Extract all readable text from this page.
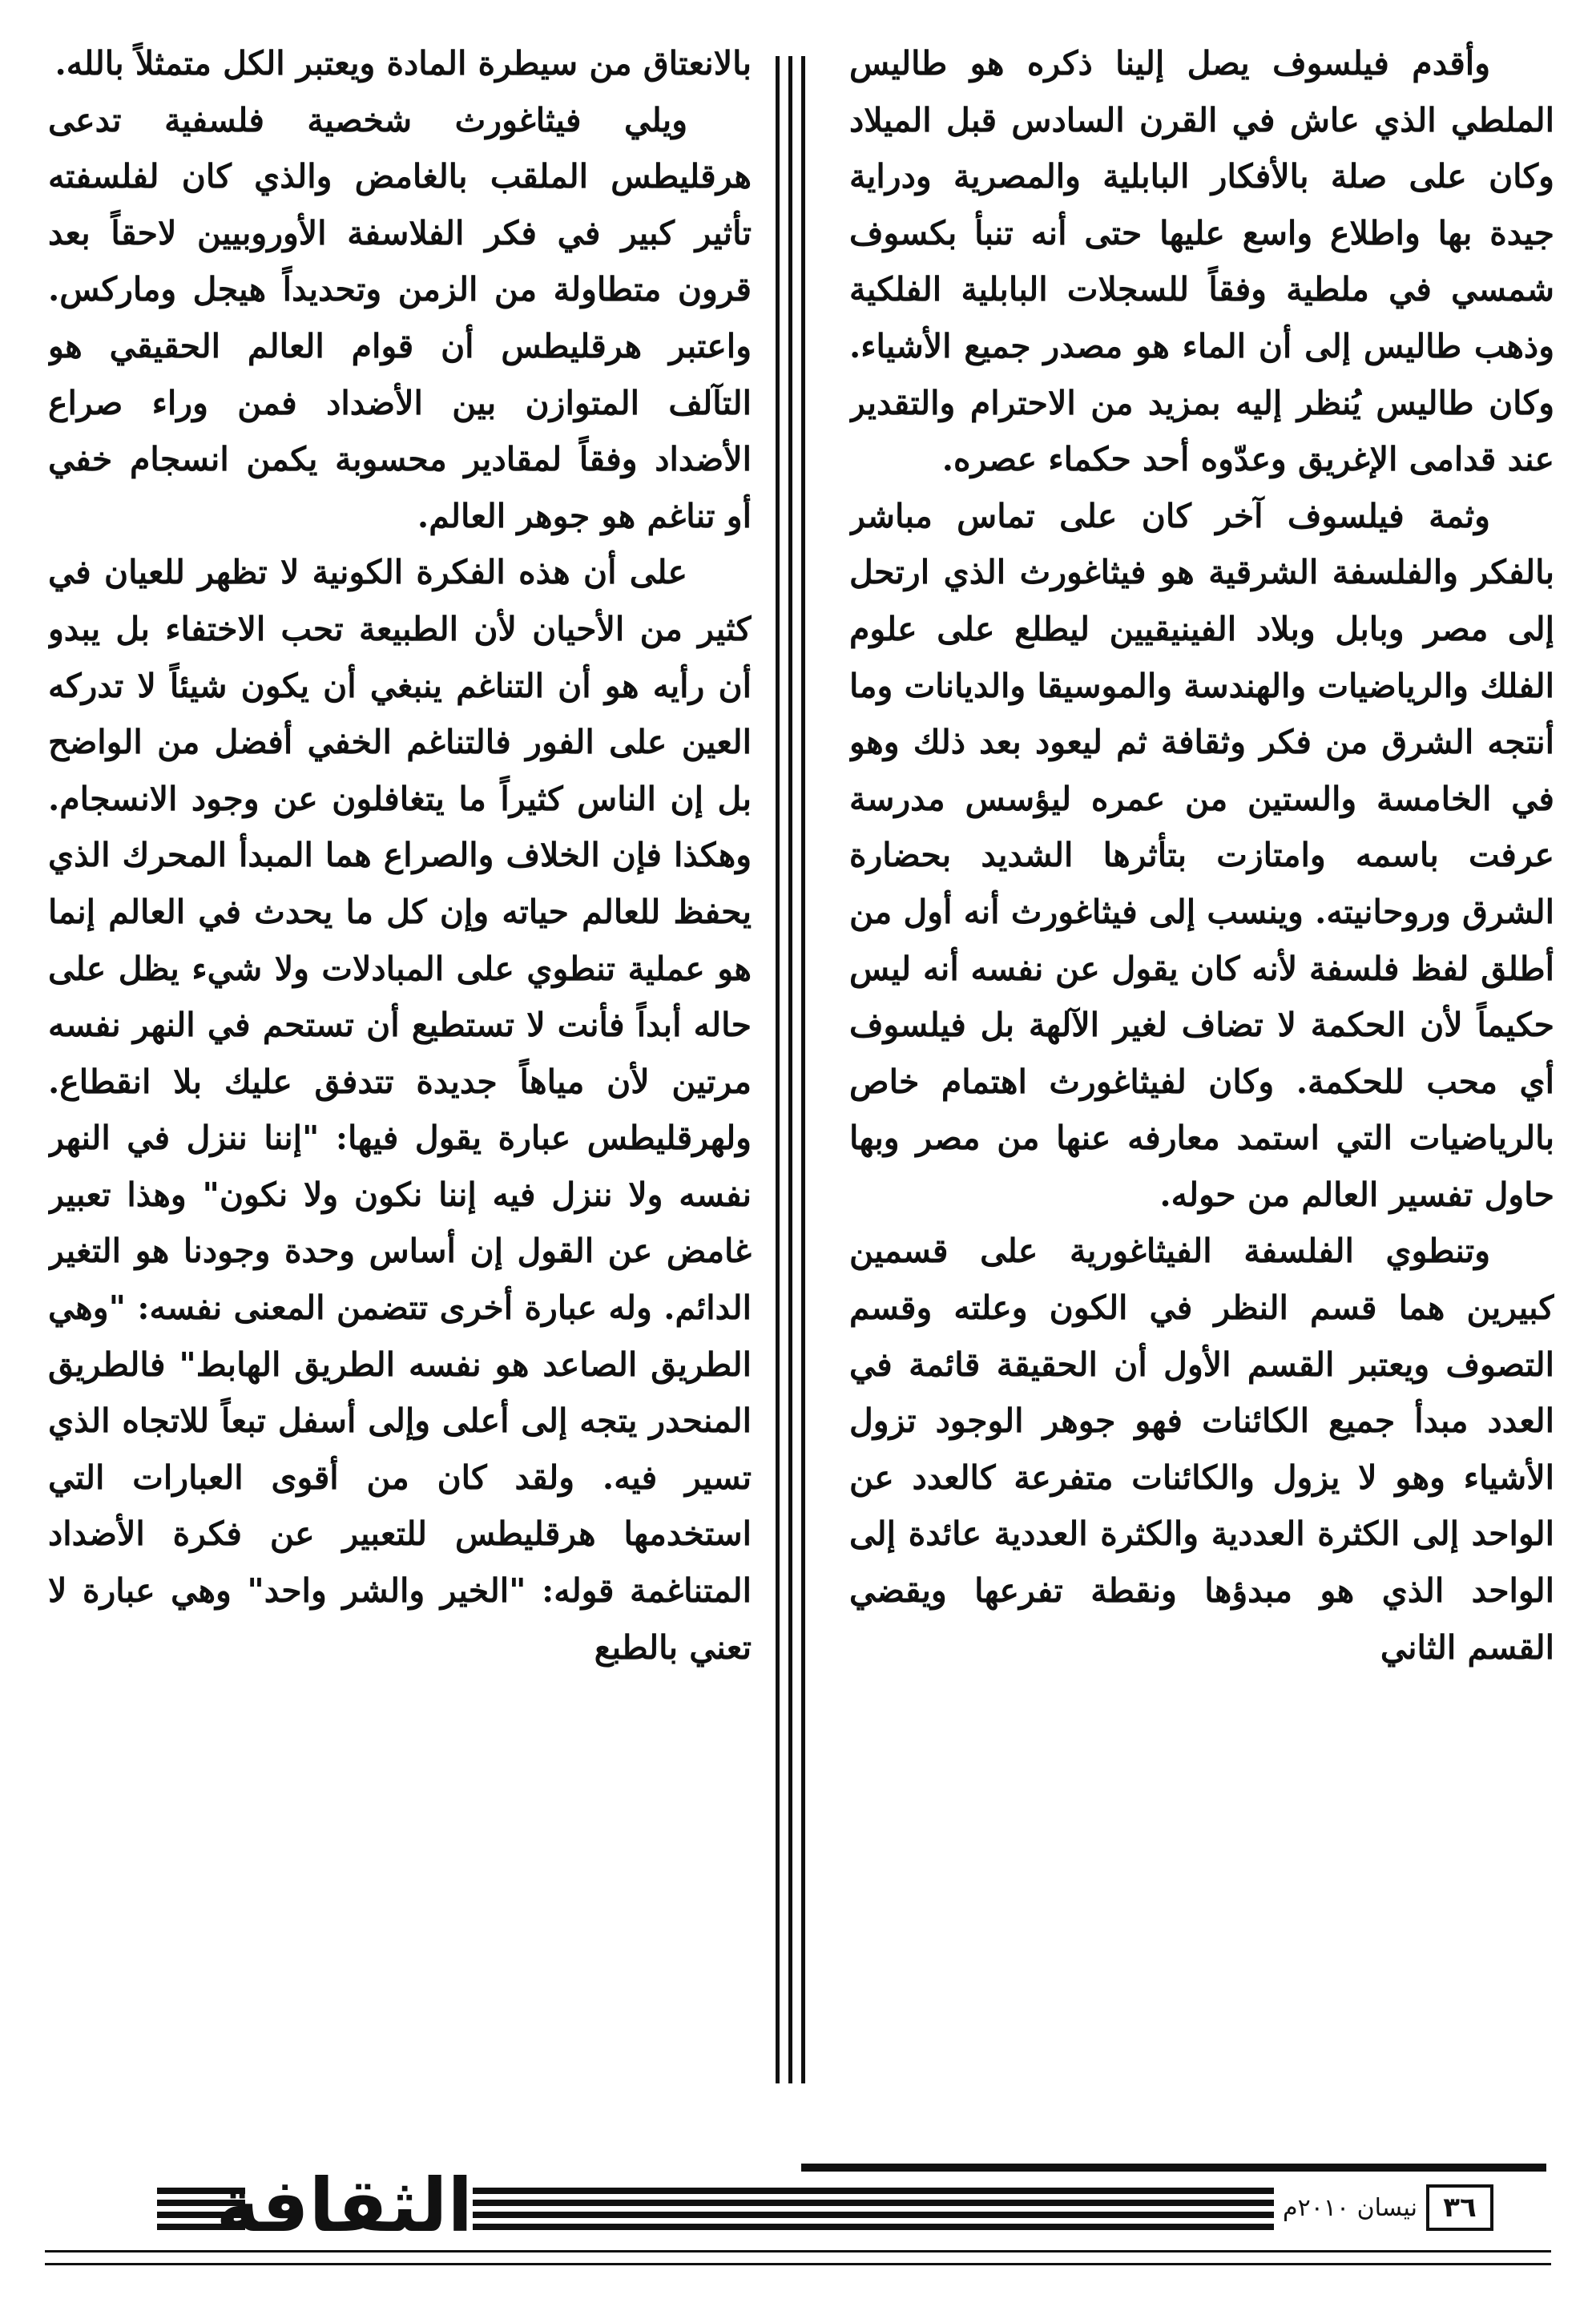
وأقدم فيلسوف يصل إلينا ذكره هو طاليس الملطي الذي عاش في القرن السادس قبل الميلاد وكان على صلة بالأفكار البابلية والمصرية ودراية جيدة بها واطلاع واسع عليها حتى أنه تنبأ بكسوف شمسي في ملطية وفقاً للسجلات البابلية الفلكية وذهب طاليس إلى أن الماء هو مصدر جميع الأشياء. وكان طاليس يُنظر إليه بمزيد من الاحترام والتقدير عند قدامى الإغريق وعدّوه أحد حكماء عصره.

وثمة فيلسوف آخر كان على تماس مباشر بالفكر والفلسفة الشرقية هو فيثاغورث الذي ارتحل إلى مصر وبابل وبلاد الفينيقيين ليطلع على علوم الفلك والرياضيات والهندسة والموسيقا والديانات وما أنتجه الشرق من فكر وثقافة ثم ليعود بعد ذلك وهو في الخامسة والستين من عمره ليؤسس مدرسة عرفت باسمه وامتازت بتأثرها الشديد بحضارة الشرق وروحانيته. وينسب إلى فيثاغورث أنه أول من أطلق لفظ فلسفة لأنه كان يقول عن نفسه أنه ليس حكيماً لأن الحكمة لا تضاف لغير الآلهة بل فيلسوف أي محب للحكمة. وكان لفيثاغورث اهتمام خاص بالرياضيات التي استمد معارفه عنها من مصر وبها حاول تفسير العالم من حوله.

وتنطوي الفلسفة الفيثاغورية على قسمين كبيرين هما قسم النظر في الكون وعلته وقسم التصوف ويعتبر القسم الأول أن الحقيقة قائمة في العدد مبدأ جميع الكائنات فهو جوهر الوجود تزول الأشياء وهو لا يزول والكائنات متفرعة كالعدد عن الواحد إلى الكثرة العددية والكثرة العددية عائدة إلى الواحد الذي هو مبدؤها ونقطة تفرعها ويقضي القسم الثاني

بالانعتاق من سيطرة المادة ويعتبر الكل متمثلاً بالله.

ويلي فيثاغورث شخصية فلسفية تدعى هرقليطس الملقب بالغامض والذي كان لفلسفته تأثير كبير في فكر الفلاسفة الأوروبيين لاحقاً بعد قرون متطاولة من الزمن وتحديداً هيجل وماركس. واعتبر هرقليطس أن قوام العالم الحقيقي هو التآلف المتوازن بين الأضداد فمن وراء صراع الأضداد وفقاً لمقادير محسوبة يكمن انسجام خفي أو تناغم هو جوهر العالم.

على أن هذه الفكرة الكونية لا تظهر للعيان في كثير من الأحيان لأن الطبيعة تحب الاختفاء بل يبدو أن رأيه هو أن التناغم ينبغي أن يكون شيئاً لا تدركه العين على الفور فالتناغم الخفي أفضل من الواضح بل إن الناس كثيراً ما يتغافلون عن وجود الانسجام. وهكذا فإن الخلاف والصراع هما المبدأ المحرك الذي يحفظ للعالم حياته وإن كل ما يحدث في العالم إنما هو عملية تنطوي على المبادلات ولا شيء يظل على حاله أبداً فأنت لا تستطيع أن تستحم في النهر نفسه مرتين لأن مياهاً جديدة تتدفق عليك بلا انقطاع. ولهرقليطس عبارة يقول فيها: "إننا ننزل في النهر نفسه ولا ننزل فيه إننا نكون ولا نكون" وهذا تعبير غامض عن القول إن أساس وحدة وجودنا هو التغير الدائم. وله عبارة أخرى تتضمن المعنى نفسه: "وهي الطريق الصاعد هو نفسه الطريق الهابط" فالطريق المنحدر يتجه إلى أعلى وإلى أسفل تبعاً للاتجاه الذي تسير فيه. ولقد كان من أقوى العبارات التي استخدمها هرقليطس للتعبير عن فكرة الأضداد المتناغمة قوله: "الخير والشر واحد" وهي عبارة لا تعني بالطبع

الثقافة	نيسان ٢٠١٠م ٣٦
